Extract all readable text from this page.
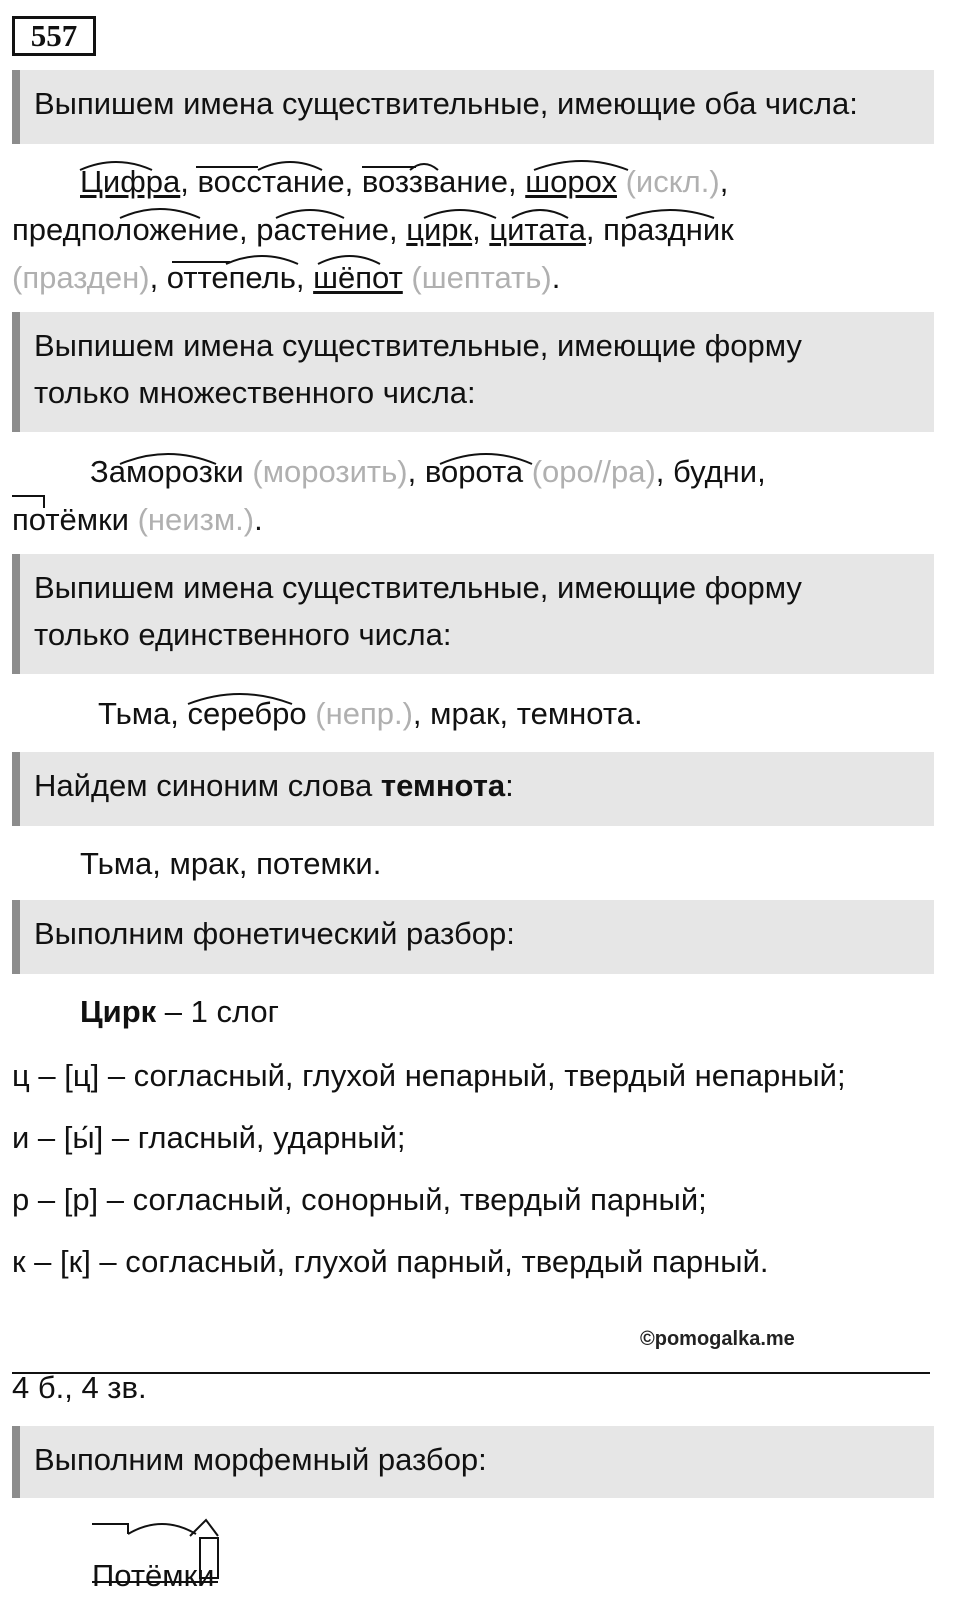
557
Выпишем имена существительные, имеющие оба числа:
Цифра, восстание, воззвание, шорох (искл.),
предположение, растение, цирк, цитата, праздник
(празден), оттепель, шёпот (шептать).
Выпишем имена существительные, имеющие форму
только множественного числа:
Заморозки (морозить), ворота (оро//ра), будни,
потёмки (неизм.).
Выпишем имена существительные, имеющие форму
только единственного числа:
Тьма, серебро (непр.), мрак, темнота.
Найдем синоним слова темнота:
Тьма, мрак, потемки.
Выполним фонетический разбор:
Цирк – 1 слог
ц – [ц] – согласный, глухой непарный, твердый непарный;
и – [ы́] – гласный, ударный;
р – [р] – согласный, сонорный, твердый парный;
к – [к] – согласный, глухой парный, твердый парный.
©pomogalka.me
4 б., 4 зв.
Выполним морфемный разбор:
Потёмки
